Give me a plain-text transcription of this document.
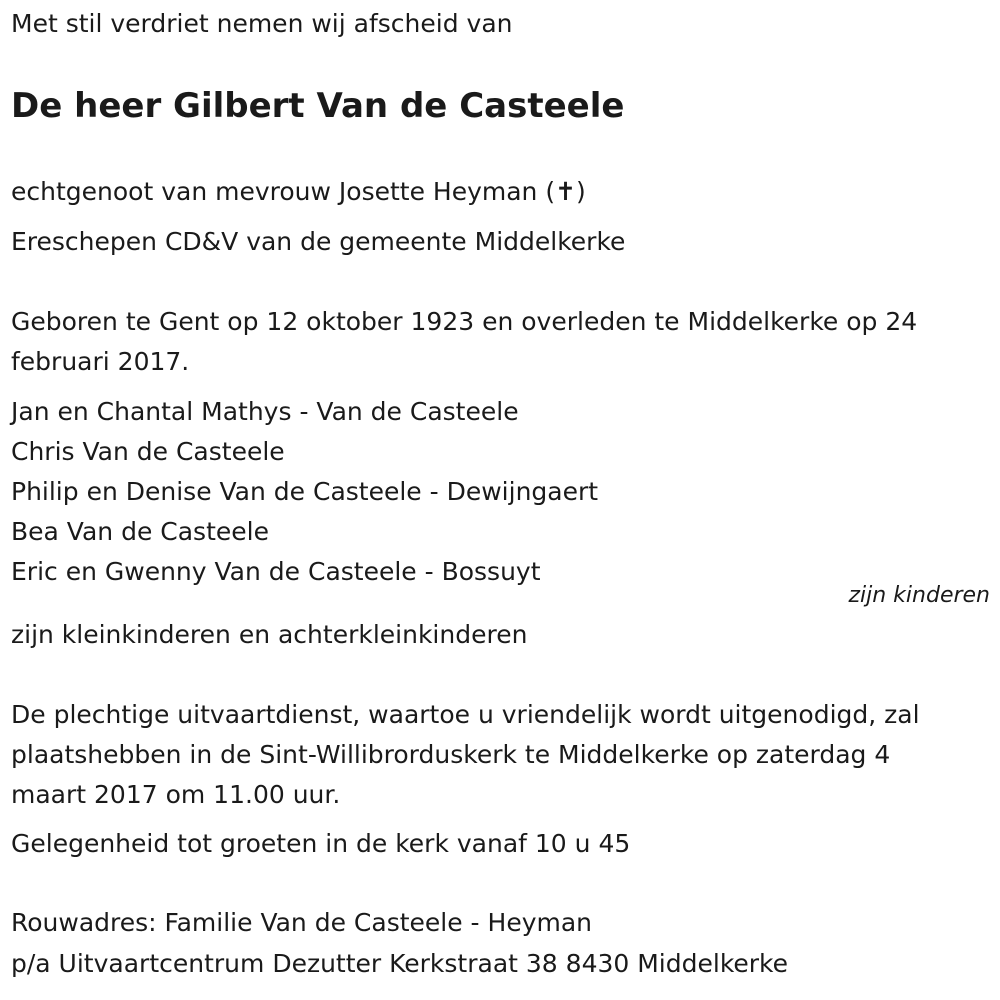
Met stil verdriet nemen wij afscheid van

De heer Gilbert Van de Casteele

echtgenoot van mevrouw Josette Heyman (✝)

Ereschepen CD&V van de gemeente Middelkerke

Geboren te Gent op 12 oktober 1923 en overleden te Middelkerke op 24

februari 2017.

Jan en Chantal Mathys - Van de Casteele

Chris Van de Casteele

Philip en Denise Van de Casteele - Dewijngaert

Bea Van de Casteele

Eric en Gwenny Van de Casteele - Bossuyt

zijn kinderen

zijn kleinkinderen en achterkleinkinderen

De plechtige uitvaartdienst, waartoe u vriendelijk wordt uitgenodigd, zal

plaatshebben in de Sint-Willibrorduskerk te Middelkerke op zaterdag 4

maart 2017 om 11.00 uur.

Gelegenheid tot groeten in de kerk vanaf 10 u 45

Rouwadres: Familie Van de Casteele - Heyman

p/a Uitvaartcentrum Dezutter Kerkstraat 38 8430 Middelkerke
